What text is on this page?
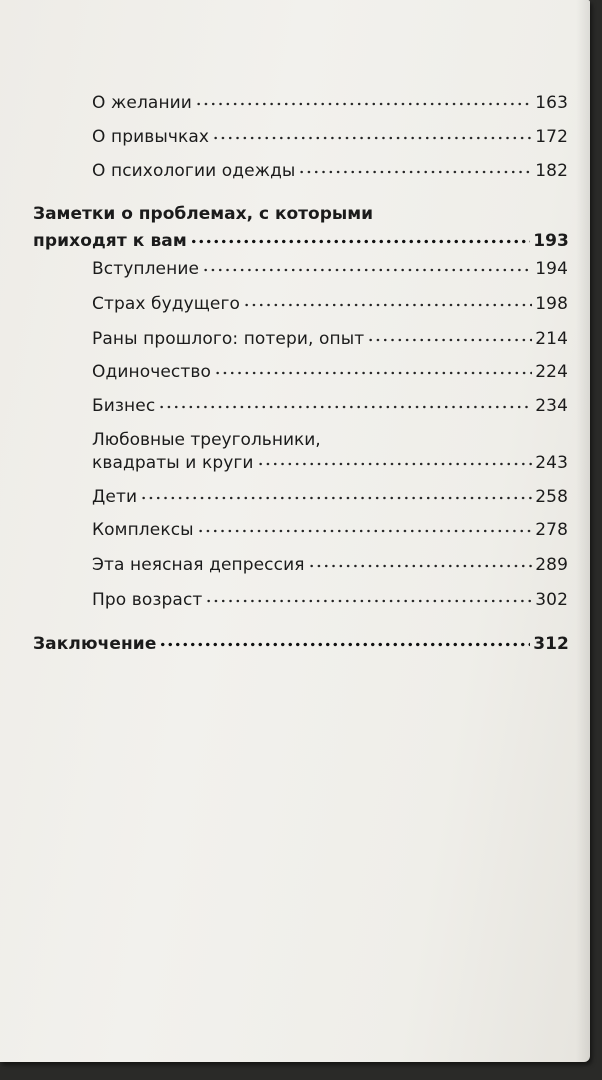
О желании	163
О привычках	172
О психологии одежды	182
Заметки о проблемах, с которыми
приходят к вам	193
Вступление	194
Страх будущего	198
Раны прошлого: потери, опыт	214
Одиночество	224
Бизнес	234
Любовные треугольники,
квадраты и круги	243
Дети	258
Комплексы	278
Эта неясная депрессия	289
Про возраст	302
Заключение	312
